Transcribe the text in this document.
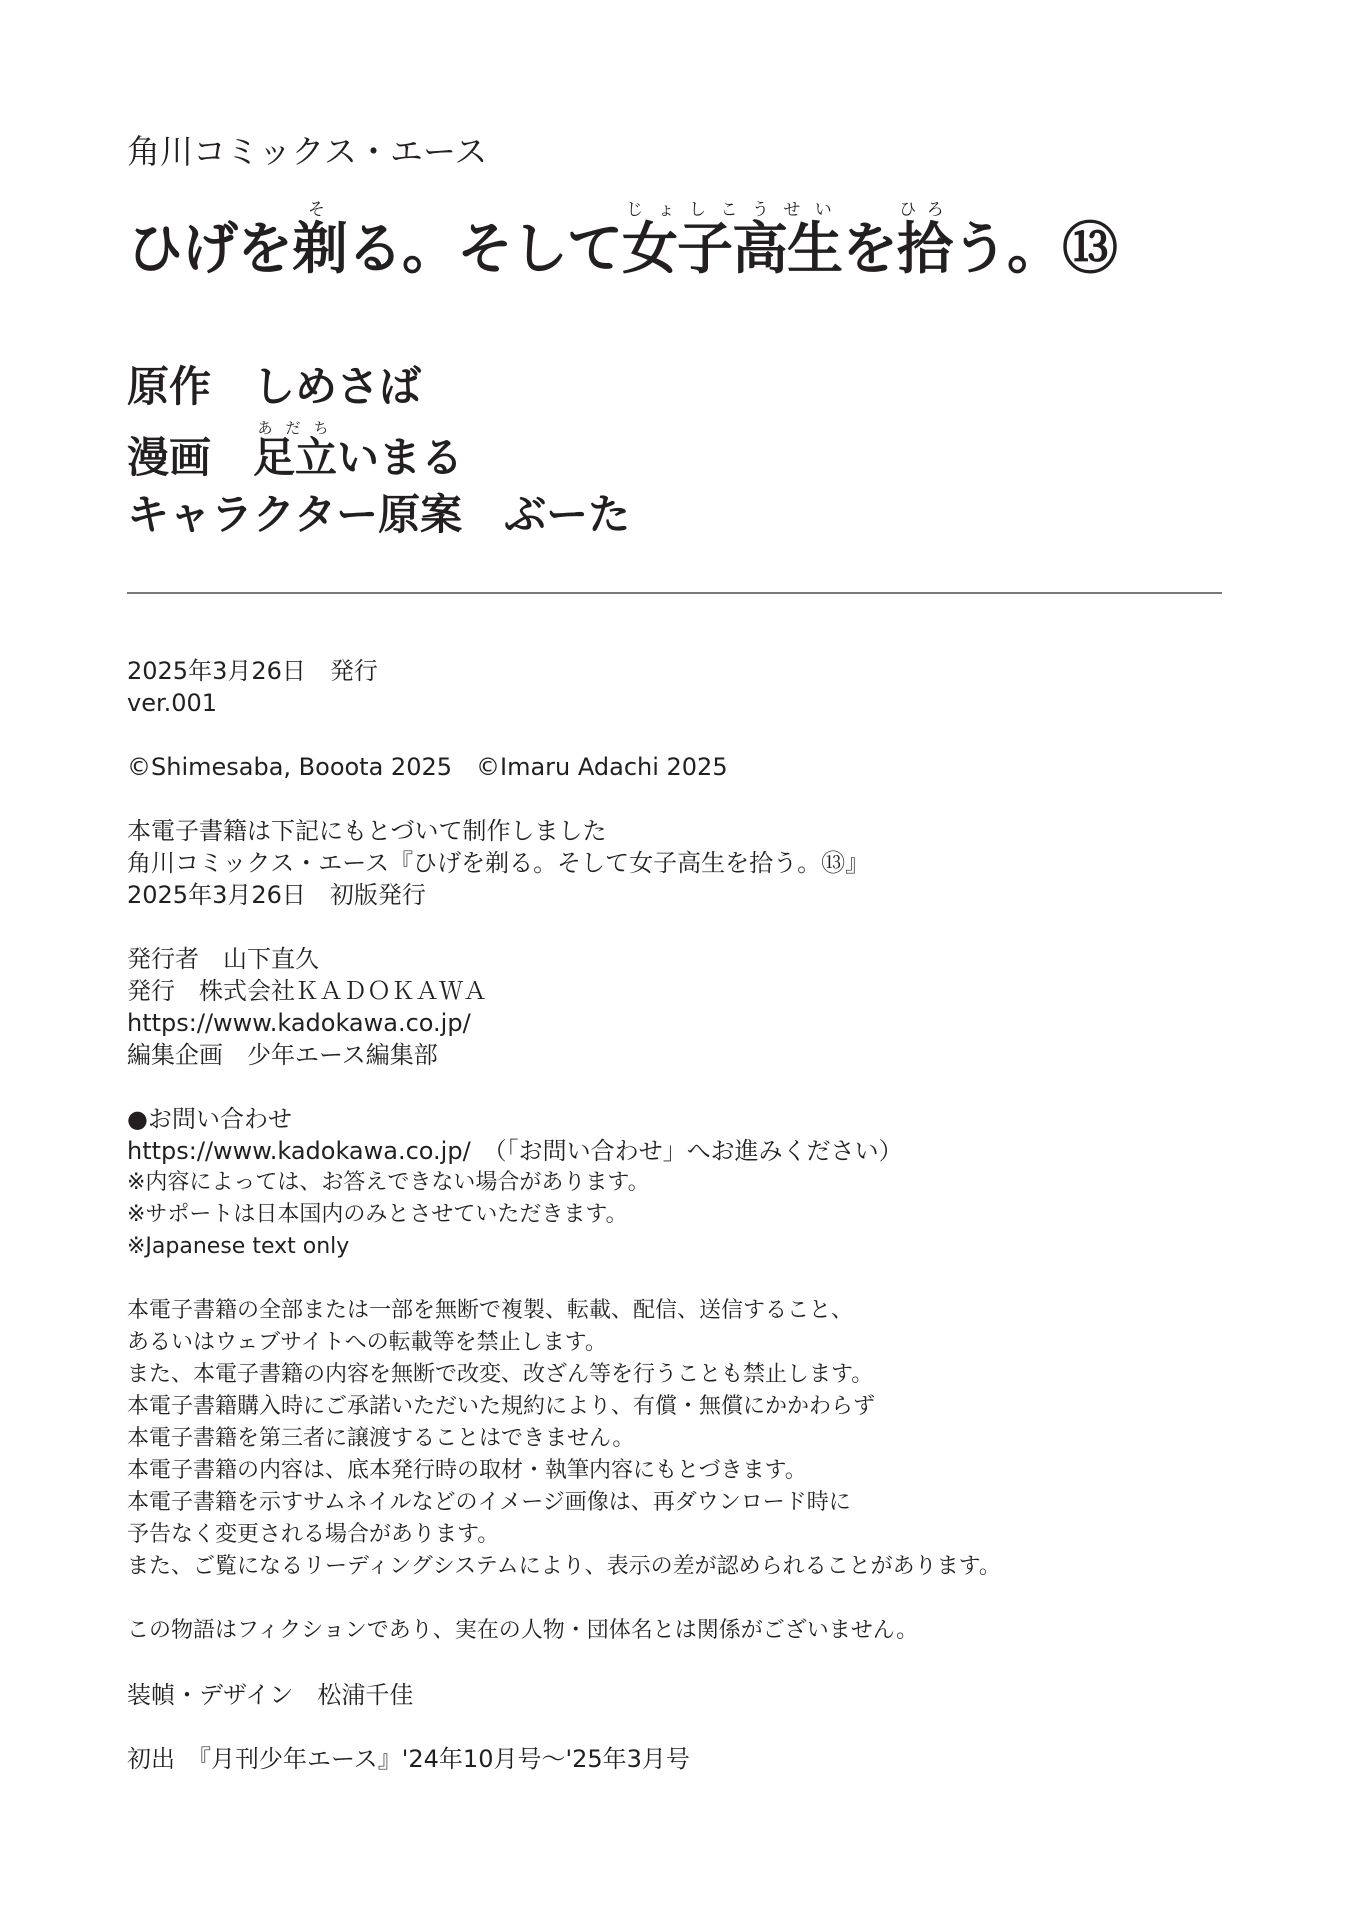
角川コミックス・エース
ひげを剃そる。そして女子高生じょしこうせいを拾ひろう。⑬
原作 しめさば
漫画 足立あだちいまる
キャラクター原案 ぶーた
2025年3月26日　発行
ver.001
©Shimesaba, Boootа 2025　©Imaru Adachi 2025
本電子書籍は下記にもとづいて制作しました
角川コミックス・エース『ひげを剃る。そして女子高生を拾う。⑬』
2025年3月26日　初版発行
発行者　山下直久
発行　株式会社ＫＡＤＯＫＡＷＡ
https://www.kadokawa.co.jp/
編集企画　少年エース編集部
●お問い合わせ
https://www.kadokawa.co.jp/　（「お問い合わせ」へお進みください）
※内容によっては、お答えできない場合があります。
※サポートは日本国内のみとさせていただきます。
※Japanese text only
本電子書籍の全部または一部を無断で複製、転載、配信、送信すること、
あるいはウェブサイトへの転載等を禁止します。
また、本電子書籍の内容を無断で改変、改ざん等を行うことも禁止します。
本電子書籍購入時にご承諾いただいた規約により、有償・無償にかかわらず
本電子書籍を第三者に譲渡することはできません。
本電子書籍の内容は、底本発行時の取材・執筆内容にもとづきます。
本電子書籍を示すサムネイルなどのイメージ画像は、再ダウンロード時に
予告なく変更される場合があります。
また、ご覧になるリーディングシステムにより、表示の差が認められることがあります。
この物語はフィクションであり、実在の人物・団体名とは関係がございません。
装幀・デザイン　松浦千佳
初出　『月刊少年エース』'24年10月号～'25年3月号
